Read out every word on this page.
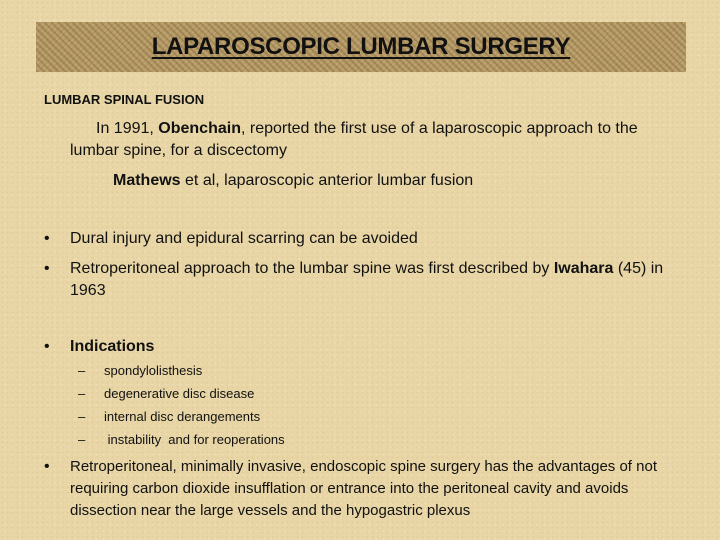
LAPAROSCOPIC LUMBAR SURGERY
LUMBAR SPINAL FUSION
In 1991, Obenchain, reported the first use of a laparoscopic approach to the lumbar spine, for a discectomy
Mathews et al, laparoscopic anterior lumbar fusion
•	Dural injury and epidural scarring can be avoided
•	Retroperitoneal approach to the lumbar spine was first described by Iwahara (45) in 1963
•	Indications
–	spondylolisthesis
–	degenerative disc disease
–	internal disc derangements
–	instability  and for reoperations
•	Retroperitoneal, minimally invasive, endoscopic spine surgery has the advantages of not requiring carbon dioxide insufflation or entrance into the peritoneal cavity and avoids dissection near the large vessels and the hypogastric plexus
